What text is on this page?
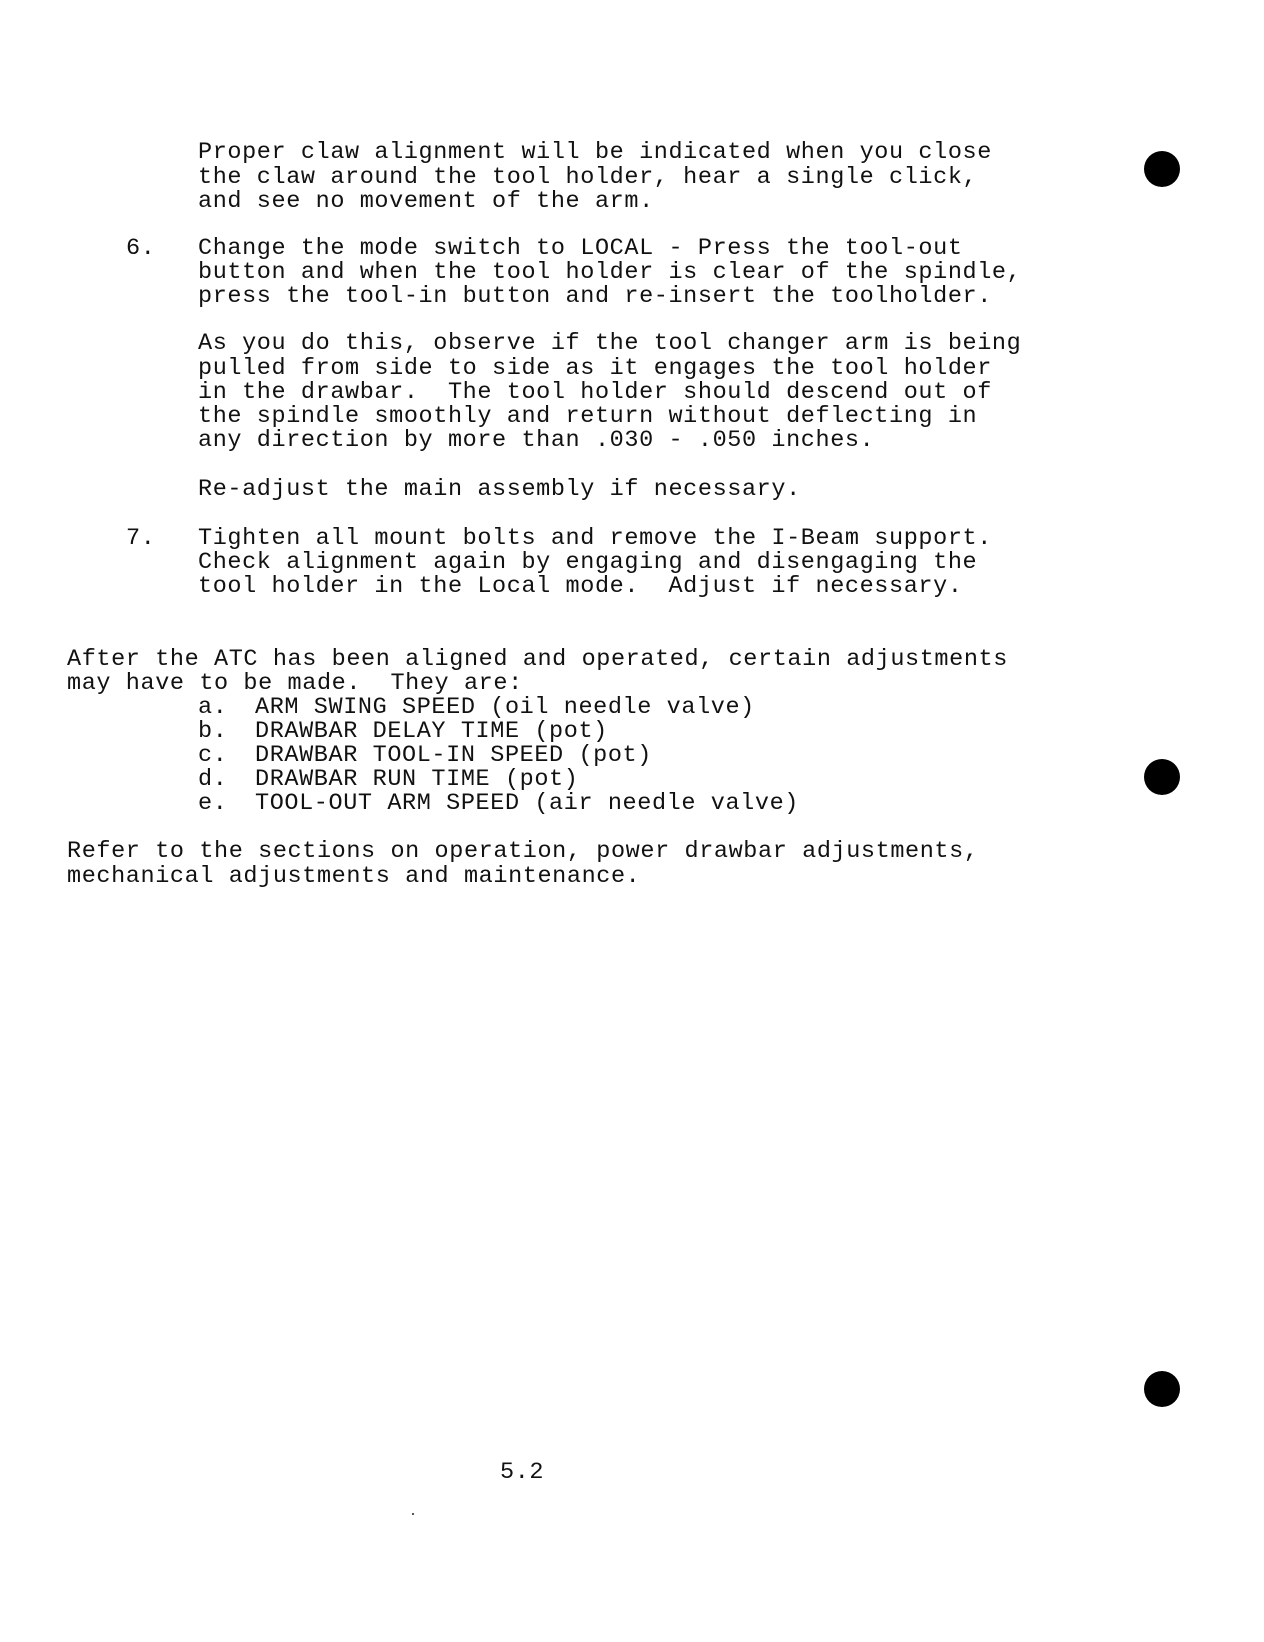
Proper claw alignment will be indicated when you close
the claw around the tool holder, hear a single click,
and see no movement of the arm.
6. Change the mode switch to LOCAL - Press the tool-out
button and when the tool holder is clear of the spindle,
press the tool-in button and re-insert the toolholder.
As you do this, observe if the tool changer arm is being
pulled from side to side as it engages the tool holder
in the drawbar.  The tool holder should descend out of
the spindle smoothly and return without deflecting in
any direction by more than .030 - .050 inches.
Re-adjust the main assembly if necessary.
7. Tighten all mount bolts and remove the I-Beam support.
Check alignment again by engaging and disengaging the
tool holder in the Local mode.  Adjust if necessary.
After the ATC has been aligned and operated, certain adjustments
may have to be made.  They are:
a. ARM SWING SPEED (oil needle valve)
b. DRAWBAR DELAY TIME (pot)
c. DRAWBAR TOOL-IN SPEED (pot)
d. DRAWBAR RUN TIME (pot)
e. TOOL-OUT ARM SPEED (air needle valve)
Refer to the sections on operation, power drawbar adjustments,
mechanical adjustments and maintenance.
5.2
